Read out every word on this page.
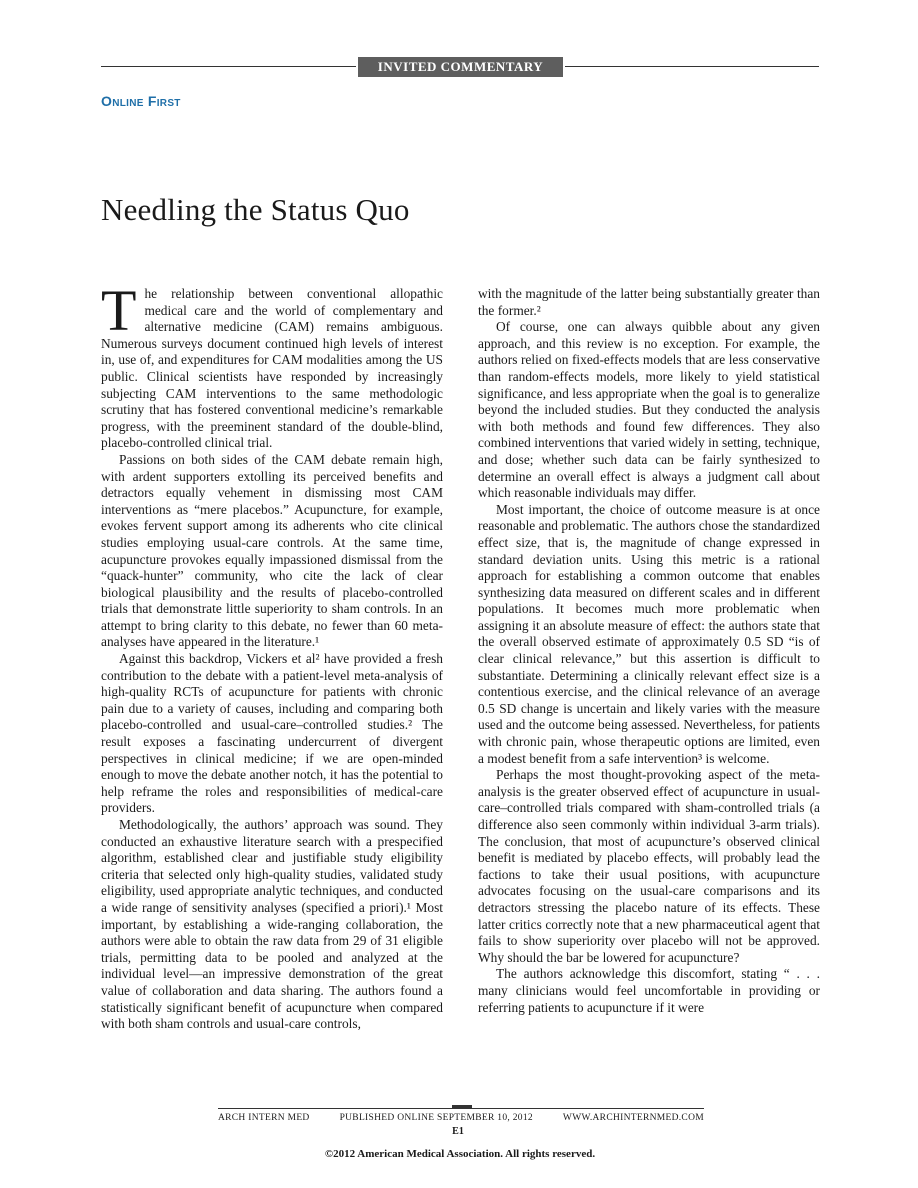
INVITED COMMENTARY
Online First
Needling the Status Quo

The relationship between conventional allopathic medical care and the world of complementary and alternative medicine (CAM) remains ambiguous. Numerous surveys document continued high levels of interest in, use of, and expenditures for CAM modalities among the US public. Clinical scientists have responded by increasingly subjecting CAM interventions to the same methodologic scrutiny that has fostered conventional medicine’s remarkable progress, with the preeminent standard of the double-blind, placebo-controlled clinical trial.

Passions on both sides of the CAM debate remain high, with ardent supporters extolling its perceived benefits and detractors equally vehement in dismissing most CAM interventions as “mere placebos.” Acupuncture, for example, evokes fervent support among its adherents who cite clinical studies employing usual-care controls. At the same time, acupuncture provokes equally impassioned dismissal from the “quack-hunter” community, who cite the lack of clear biological plausibility and the results of placebo-controlled trials that demonstrate little superiority to sham controls. In an attempt to bring clarity to this debate, no fewer than 60 meta-analyses have appeared in the literature.¹

Against this backdrop, Vickers et al² have provided a fresh contribution to the debate with a patient-level meta-analysis of high-quality RCTs of acupuncture for patients with chronic pain due to a variety of causes, including and comparing both placebo-controlled and usual-care–controlled studies.² The result exposes a fascinating undercurrent of divergent perspectives in clinical medicine; if we are open-minded enough to move the debate another notch, it has the potential to help reframe the roles and responsibilities of medical-care providers.

Methodologically, the authors’ approach was sound. They conducted an exhaustive literature search with a prespecified algorithm, established clear and justifiable study eligibility criteria that selected only high-quality studies, validated study eligibility, used appropriate analytic techniques, and conducted a wide range of sensitivity analyses (specified a priori).¹ Most important, by establishing a wide-ranging collaboration, the authors were able to obtain the raw data from 29 of 31 eligible trials, permitting data to be pooled and analyzed at the individual level—an impressive demonstration of the great value of collaboration and data sharing. The authors found a statistically significant benefit of acupuncture when compared with both sham controls and usual-care controls,

with the magnitude of the latter being substantially greater than the former.²

Of course, one can always quibble about any given approach, and this review is no exception. For example, the authors relied on fixed-effects models that are less conservative than random-effects models, more likely to yield statistical significance, and less appropriate when the goal is to generalize beyond the included studies. But they conducted the analysis with both methods and found few differences. They also combined interventions that varied widely in setting, technique, and dose; whether such data can be fairly synthesized to determine an overall effect is always a judgment call about which reasonable individuals may differ.

Most important, the choice of outcome measure is at once reasonable and problematic. The authors chose the standardized effect size, that is, the magnitude of change expressed in standard deviation units. Using this metric is a rational approach for establishing a common outcome that enables synthesizing data measured on different scales and in different populations. It becomes much more problematic when assigning it an absolute measure of effect: the authors state that the overall observed estimate of approximately 0.5 SD “is of clear clinical relevance,” but this assertion is difficult to substantiate. Determining a clinically relevant effect size is a contentious exercise, and the clinical relevance of an average 0.5 SD change is uncertain and likely varies with the measure used and the outcome being assessed. Nevertheless, for patients with chronic pain, whose therapeutic options are limited, even a modest benefit from a safe intervention³ is welcome.

Perhaps the most thought-provoking aspect of the meta-analysis is the greater observed effect of acupuncture in usual-care–controlled trials compared with sham-controlled trials (a difference also seen commonly within individual 3-arm trials). The conclusion, that most of acupuncture’s observed clinical benefit is mediated by placebo effects, will probably lead the factions to take their usual positions, with acupuncture advocates focusing on the usual-care comparisons and its detractors stressing the placebo nature of its effects. These latter critics correctly note that a new pharmaceutical agent that fails to show superiority over placebo will not be approved. Why should the bar be lowered for acupuncture?

The authors acknowledge this discomfort, stating “ . . . many clinicians would feel uncomfortable in providing or referring patients to acupuncture if it were

ARCH INTERN MED	PUBLISHED ONLINE SEPTEMBER 10, 2012	WWW.ARCHINTERNMED.COM
E1
©2012 American Medical Association. All rights reserved.
